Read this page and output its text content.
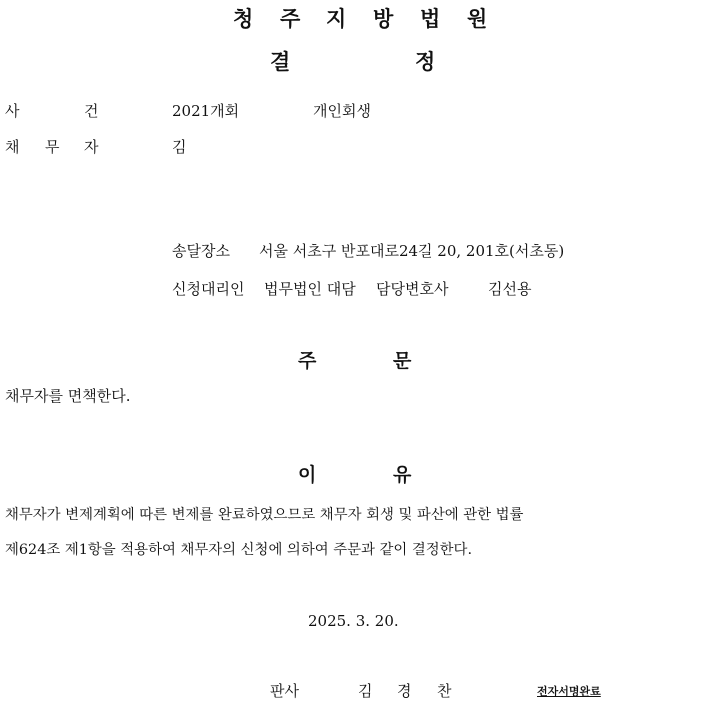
청 주 지 방 법 원
결	정
사	건	2021개회	개인회생
채 무 자	김
송달장소 서울 서초구 반포대로24길 20, 201호(서초동)
신청대리인 법무법인 대담 담당변호사	김선용
주	문
채무자를 면책한다.
이	유
채무자가 변제계획에 따른 변제를 완료하였으므로 채무자 회생 및 파산에 관한 법률
제624조 제1항을 적용하여 채무자의 신청에 의하여 주문과 같이 결정한다.
2025. 3. 20.
판사	김 경 찬	전자서명완료
